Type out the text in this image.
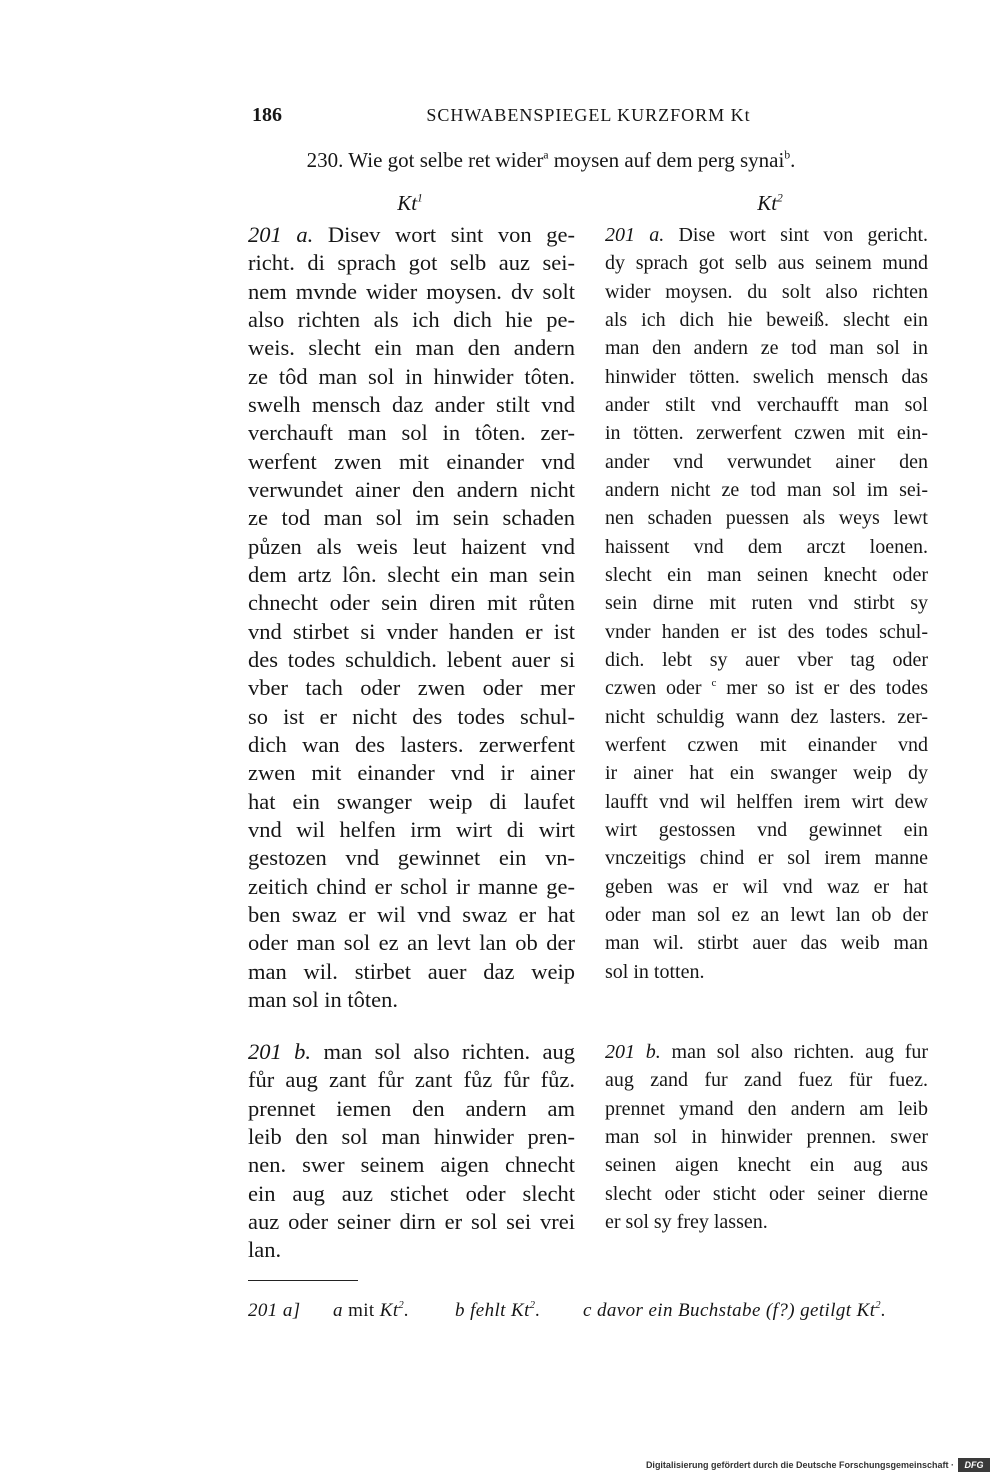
186	SCHWABENSPIEGEL KURZFORM Kt
230. Wie got selbe ret wider$^a$ moysen auf dem perg synai$^b$.
Kt$^1$	Kt$^2$
201 a. Disev wort sint von ge-
richt. di sprach got selb auz sei-
nem mvnde wider moysen. dv solt
also richten als ich dich hie pe-
weis. slecht ein man den andern
ze tôd man sol in hinwider tôten.
swelh mensch daz ander stilt vnd
verchauft man sol in tôten. zer-
werfent zwen mit einander vnd
verwundet ainer den andern nicht
ze tod man sol im sein schaden
půzen als weis leut haizent vnd
dem artz lôn. slecht ein man sein
chnecht oder sein diren mit růten
vnd stirbet si vnder handen er ist
des todes schuldich. lebent auer si
vber tach oder zwen oder mer
so ist er nicht des todes schul-
dich wan des lasters. zerwerfent
zwen mit einander vnd ir ainer
hat ein swanger weip di laufet
vnd wil helfen irm wirt di wirt
gestozen vnd gewinnet ein vn-
zeitich chind er schol ir manne ge-
ben swaz er wil vnd swaz er hat
oder man sol ez an levt lan ob der
man wil. stirbet auer daz weip
man sol in tôten.
201 b. man sol also richten. aug
fůr aug zant fůr zant fůz fůr fůz.
prennet iemen den andern am
leib den sol man hinwider pren-
nen. swer seinem aigen chnecht
ein aug auz stichet oder slecht
auz oder seiner dirn er sol sei vrei
lan.
201 a. Dise wort sint von gericht.
dy sprach got selb aus seinem mund
wider moysen. du solt also richten
als ich dich hie beweiß. slecht ein
man den andern ze tod man sol in
hinwider tötten. swelich mensch das
ander stilt vnd verchaufft man sol
in tötten. zerwerfent czwen mit ein-
ander vnd verwundet ainer den
andern nicht ze tod man sol im sei-
nen schaden puessen als weys lewt
haissent vnd dem arczt loenen.
slecht ein man seinen knecht oder
sein dirne mit ruten vnd stirbt sy
vnder handen er ist des todes schul-
dich. lebt sy auer vber tag oder
czwen oder $^c$ mer so ist er des todes
nicht schuldig wann dez lasters. zer-
werfent czwen mit einander vnd
ir ainer hat ein swanger weip dy
laufft vnd wil helffen irem wirt dew
wirt gestossen vnd gewinnet ein
vnczeitigs chind er sol irem manne
geben was er wil vnd waz er hat
oder man sol ez an lewt lan ob der
man wil. stirbt auer das weib man
sol in totten.
201 b. man sol also richten. aug fur
aug zand fur zand fuez für fuez.
prennet ymand den andern am leib
man sol in hinwider prennen. swer
seinen aigen knecht ein aug aus
slecht oder sticht oder seiner dierne
er sol sy frey lassen.
201 a] a mit Kt$^2$. b fehlt Kt$^2$. c davor ein Buchstabe (f?) getilgt Kt$^2$.
Digitalisierung gefördert durch die Deutsche Forschungsgemeinschaft ·	DFG
